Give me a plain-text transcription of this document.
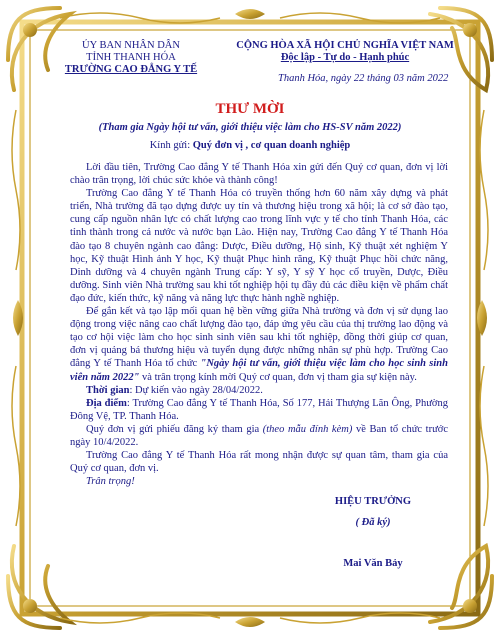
ỦY BAN NHÂN DÂN
TỈNH THANH HÓA
TRƯỜNG CAO ĐẲNG Y TẾ
CỘNG HÒA XÃ HỘI CHỦ NGHĨA VIỆT NAM
Độc lập - Tự do - Hạnh phúc
Thanh Hóa, ngày 22 tháng 03 năm 2022
THƯ MỜI
(Tham gia Ngày hội tư vấn, giới thiệu việc làm cho HS-SV năm 2022)
Kính gửi: Quý đơn vị , cơ quan doanh nghiệp

Lời đầu tiên, Trường Cao đẳng Y tế Thanh Hóa xin gửi đến Quý cơ quan, đơn vị lời chào trân trọng, lời chúc sức khỏe và thành công!

Trường Cao đẳng Y tế Thanh Hóa có truyền thống hơn 60 năm xây dựng và phát triển, Nhà trường đã tạo dựng được uy tín và thương hiệu trong xã hội; là cơ sở đào tạo, cung cấp nguồn nhân lực có chất lượng cao trong lĩnh vực y tế cho tỉnh Thanh Hóa, các tỉnh thành trong cả nước và nước bạn Lào. Hiện nay, Trường Cao đẳng Y tế Thanh Hóa đào tạo 8 chuyên ngành cao đẳng: Dược, Điều dưỡng, Hộ sinh, Kỹ thuật xét nghiệm Y học, Kỹ thuật Hình ảnh Y học, Kỹ thuật Phục hình răng, Kỹ thuật Phục hồi chức năng, Dinh dưỡng và 4 chuyên ngành Trung cấp: Y sỹ, Y sỹ Y học cổ truyền, Dược, Điều dưỡng. Sinh viên Nhà trường sau khi tốt nghiệp hội tụ đầy đủ các điều kiện về phẩm chất đạo đức, kiến thức, kỹ năng và năng lực thực hành nghề nghiệp.

Để gắn kết và tạo lập mối quan hệ bền vững giữa Nhà trường và đơn vị sử dụng lao động trong việc nâng cao chất lượng đào tạo, đáp ứng yêu cầu của thị trường lao động và tạo cơ hội việc làm cho học sinh sinh viên sau khi tốt nghiệp, đồng thời giúp cơ quan, đơn vị quảng bá thương hiệu và tuyển dụng được những nhân sự phù hợp. Trường Cao đẳng Y tế Thanh Hóa tổ chức "Ngày hội tư vấn, giới thiệu việc làm cho học sinh sinh viên năm 2022" và trân trọng kính mời Quý cơ quan, đơn vị tham gia sự kiện này.

Thời gian: Dự kiến vào ngày 28/04/2022.

Địa điểm: Trường Cao đẳng Y tế Thanh Hóa, Số 177, Hải Thượng Lãn Ông, Phường Đông Vệ, TP. Thanh Hóa.

Quý đơn vị gửi phiếu đăng ký tham gia (theo mẫu đính kèm) về Ban tổ chức trước ngày 10/4/2022.

Trường Cao đẳng Y tế Thanh Hóa rất mong nhận được sự quan tâm, tham gia của Quý cơ quan, đơn vị.

Trân trọng!

HIỆU TRƯỞNG
( Đã ký)
Mai Văn Bảy
